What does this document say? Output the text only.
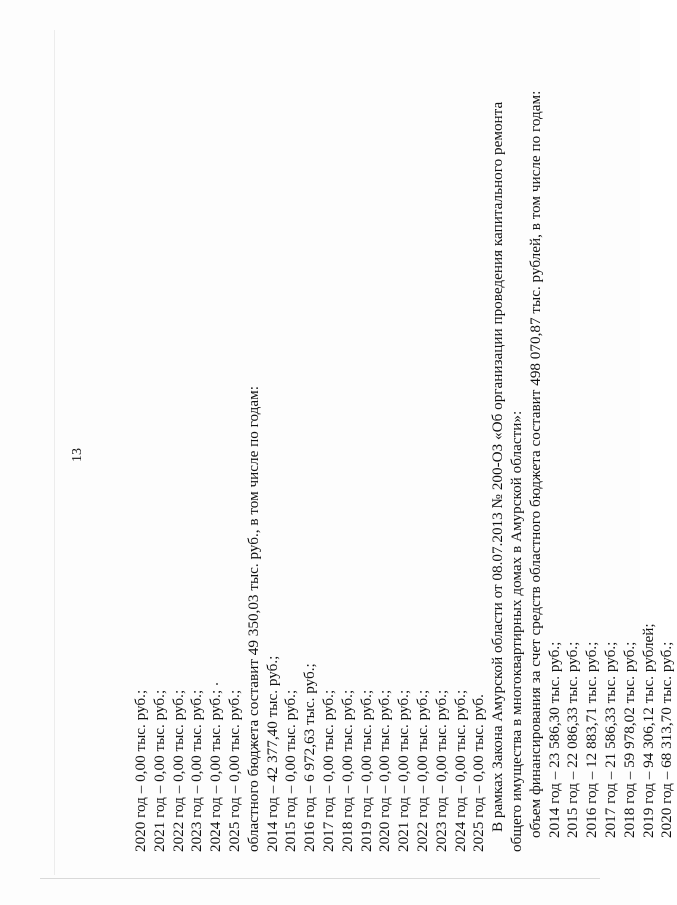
13
2020 год – 0,00 тыс. руб.; 2021 год – 0,00 тыс. руб.; 2022 год – 0,00 тыс. руб.; 2023 год – 0,00 тыс. руб.; 2024 год – 0,00 тыс. руб.; 2025 год – 0,00 тыс. руб.; областного бюджета составит 49 350,03 тыс. руб., в том числе по годам: 2014 год – 42 377,40 тыс. руб.; 2015 год – 0,00 тыс. руб.; 2016 год – 6 972,63 тыс. руб.; 2017 год – 0,00 тыс. руб.; 2018 год – 0,00 тыс. руб.; 2019 год – 0,00 тыс. руб.; 2020 год – 0,00 тыс. руб.; 2021 год – 0,00 тыс. руб.; 2022 год – 0,00 тыс. руб.; 2023 год – 0,00 тыс. руб.; 2024 год – 0,00 тыс. руб.; 2025 год – 0,00 тыс. руб. В рамках Закона Амурской области от 08.07.2013 № 200-ОЗ «Об организации проведения капитального ремонта общего имущества в многоквартирных домах в Амурской области»: объем финансирования за счет средств областного бюджета составит 498 070,87 тыс. рублей, в том числе по годам: 2014 год – 23 586,30 тыс. руб.; 2015 год – 22 086,33 тыс. руб.; 2016 год – 12 883,71 тыс. руб.; 2017 год – 21 586,33 тыс. руб.; 2018 год – 59 978,02 тыс. руб.; 2019 год – 94 306,12 тыс. рублей; 2020 год – 68 313,70 тыс. руб.;
